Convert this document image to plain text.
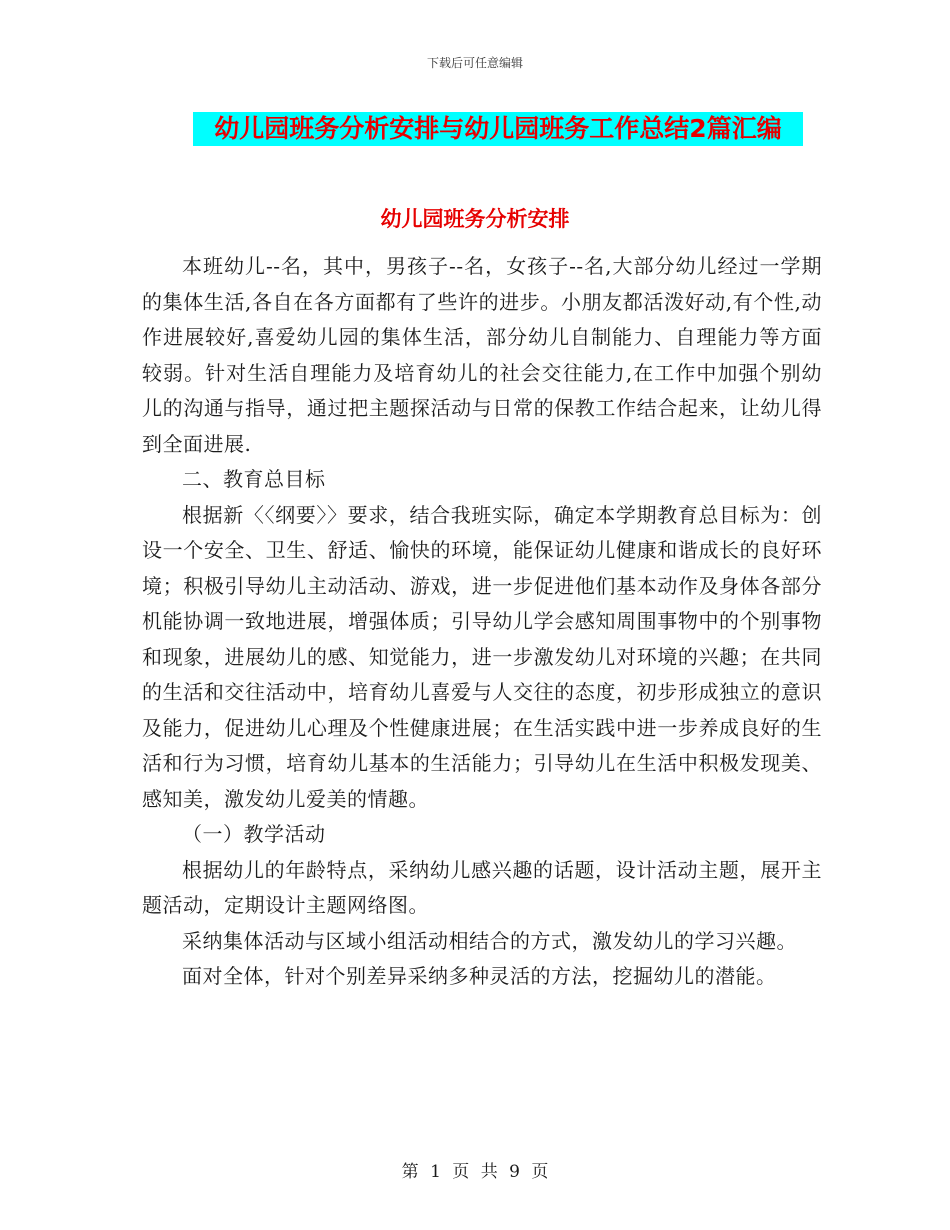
下载后可任意编辑
幼儿园班务分析安排与幼儿园班务工作总结2篇汇编
幼儿园班务分析安排

本班幼儿--名，其中，男孩子--名，女孩子--名,大部分幼儿经过一学期的集体生活,各自在各方面都有了些许的进步。小朋友都活泼好动,有个性,动作进展较好,喜爱幼儿园的集体生活，部分幼儿自制能力、自理能力等方面较弱。针对生活自理能力及培育幼儿的社会交往能力,在工作中加强个别幼儿的沟通与指导，通过把主题探活动与日常的保教工作结合起来，让幼儿得到全面进展.

二、教育总目标

根据新〈〈纲要〉〉要求，结合我班实际，确定本学期教育总目标为：创设一个安全、卫生、舒适、愉快的环境，能保证幼儿健康和谐成长的良好环境；积极引导幼儿主动活动、游戏，进一步促进他们基本动作及身体各部分机能协调一致地进展，增强体质；引导幼儿学会感知周围事物中的个别事物和现象，进展幼儿的感、知觉能力，进一步激发幼儿对环境的兴趣；在共同的生活和交往活动中，培育幼儿喜爱与人交往的态度，初步形成独立的意识及能力，促进幼儿心理及个性健康进展；在生活实践中进一步养成良好的生活和行为习惯，培育幼儿基本的生活能力；引导幼儿在生活中积极发现美、感知美，激发幼儿爱美的情趣。

（一）教学活动

根据幼儿的年龄特点，采纳幼儿感兴趣的话题，设计活动主题，展开主题活动，定期设计主题网络图。

采纳集体活动与区域小组活动相结合的方式，激发幼儿的学习兴趣。

面对全体，针对个别差异采纳多种灵活的方法，挖掘幼儿的潜能。

第 1 页 共 9 页
